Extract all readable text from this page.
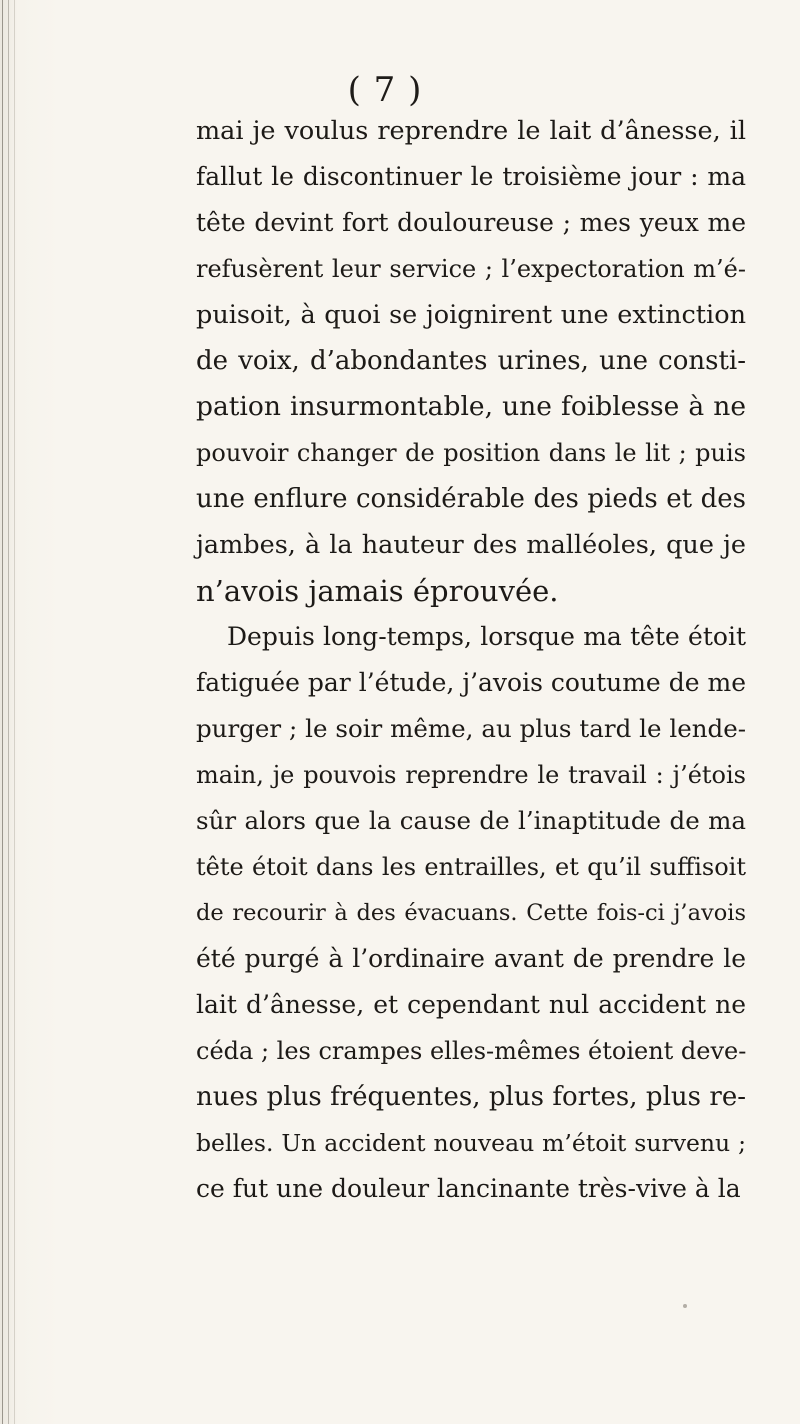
( 7 )
mai je voulus reprendre le lait d’ânesse, il
fallut le discontinuer le troisième jour : ma
tête devint fort douloureuse ; mes yeux me
refusèrent leur service ; l’expectoration m’é-
puisoit, à quoi se joignirent une extinction
de voix, d’abondantes urines, une consti-
pation insurmontable, une foiblesse à ne
pouvoir changer de position dans le lit ; puis
une enflure considérable des pieds et des
jambes, à la hauteur des malléoles, que je
n’avois jamais éprouvée.
Depuis long-temps, lorsque ma tête étoit
fatiguée par l’étude, j’avois coutume de me
purger ; le soir même, au plus tard le lende-
main, je pouvois reprendre le travail : j’étois
sûr alors que la cause de l’inaptitude de ma
tête étoit dans les entrailles, et qu’il suffisoit
de recourir à des évacuans. Cette fois-ci j’avois
été purgé à l’ordinaire avant de prendre le
lait d’ânesse, et cependant nul accident ne
céda ; les crampes elles-mêmes étoient deve-
nues plus fréquentes, plus fortes, plus re-
belles. Un accident nouveau m’étoit survenu ;
ce fut une douleur lancinante très-vive à la
